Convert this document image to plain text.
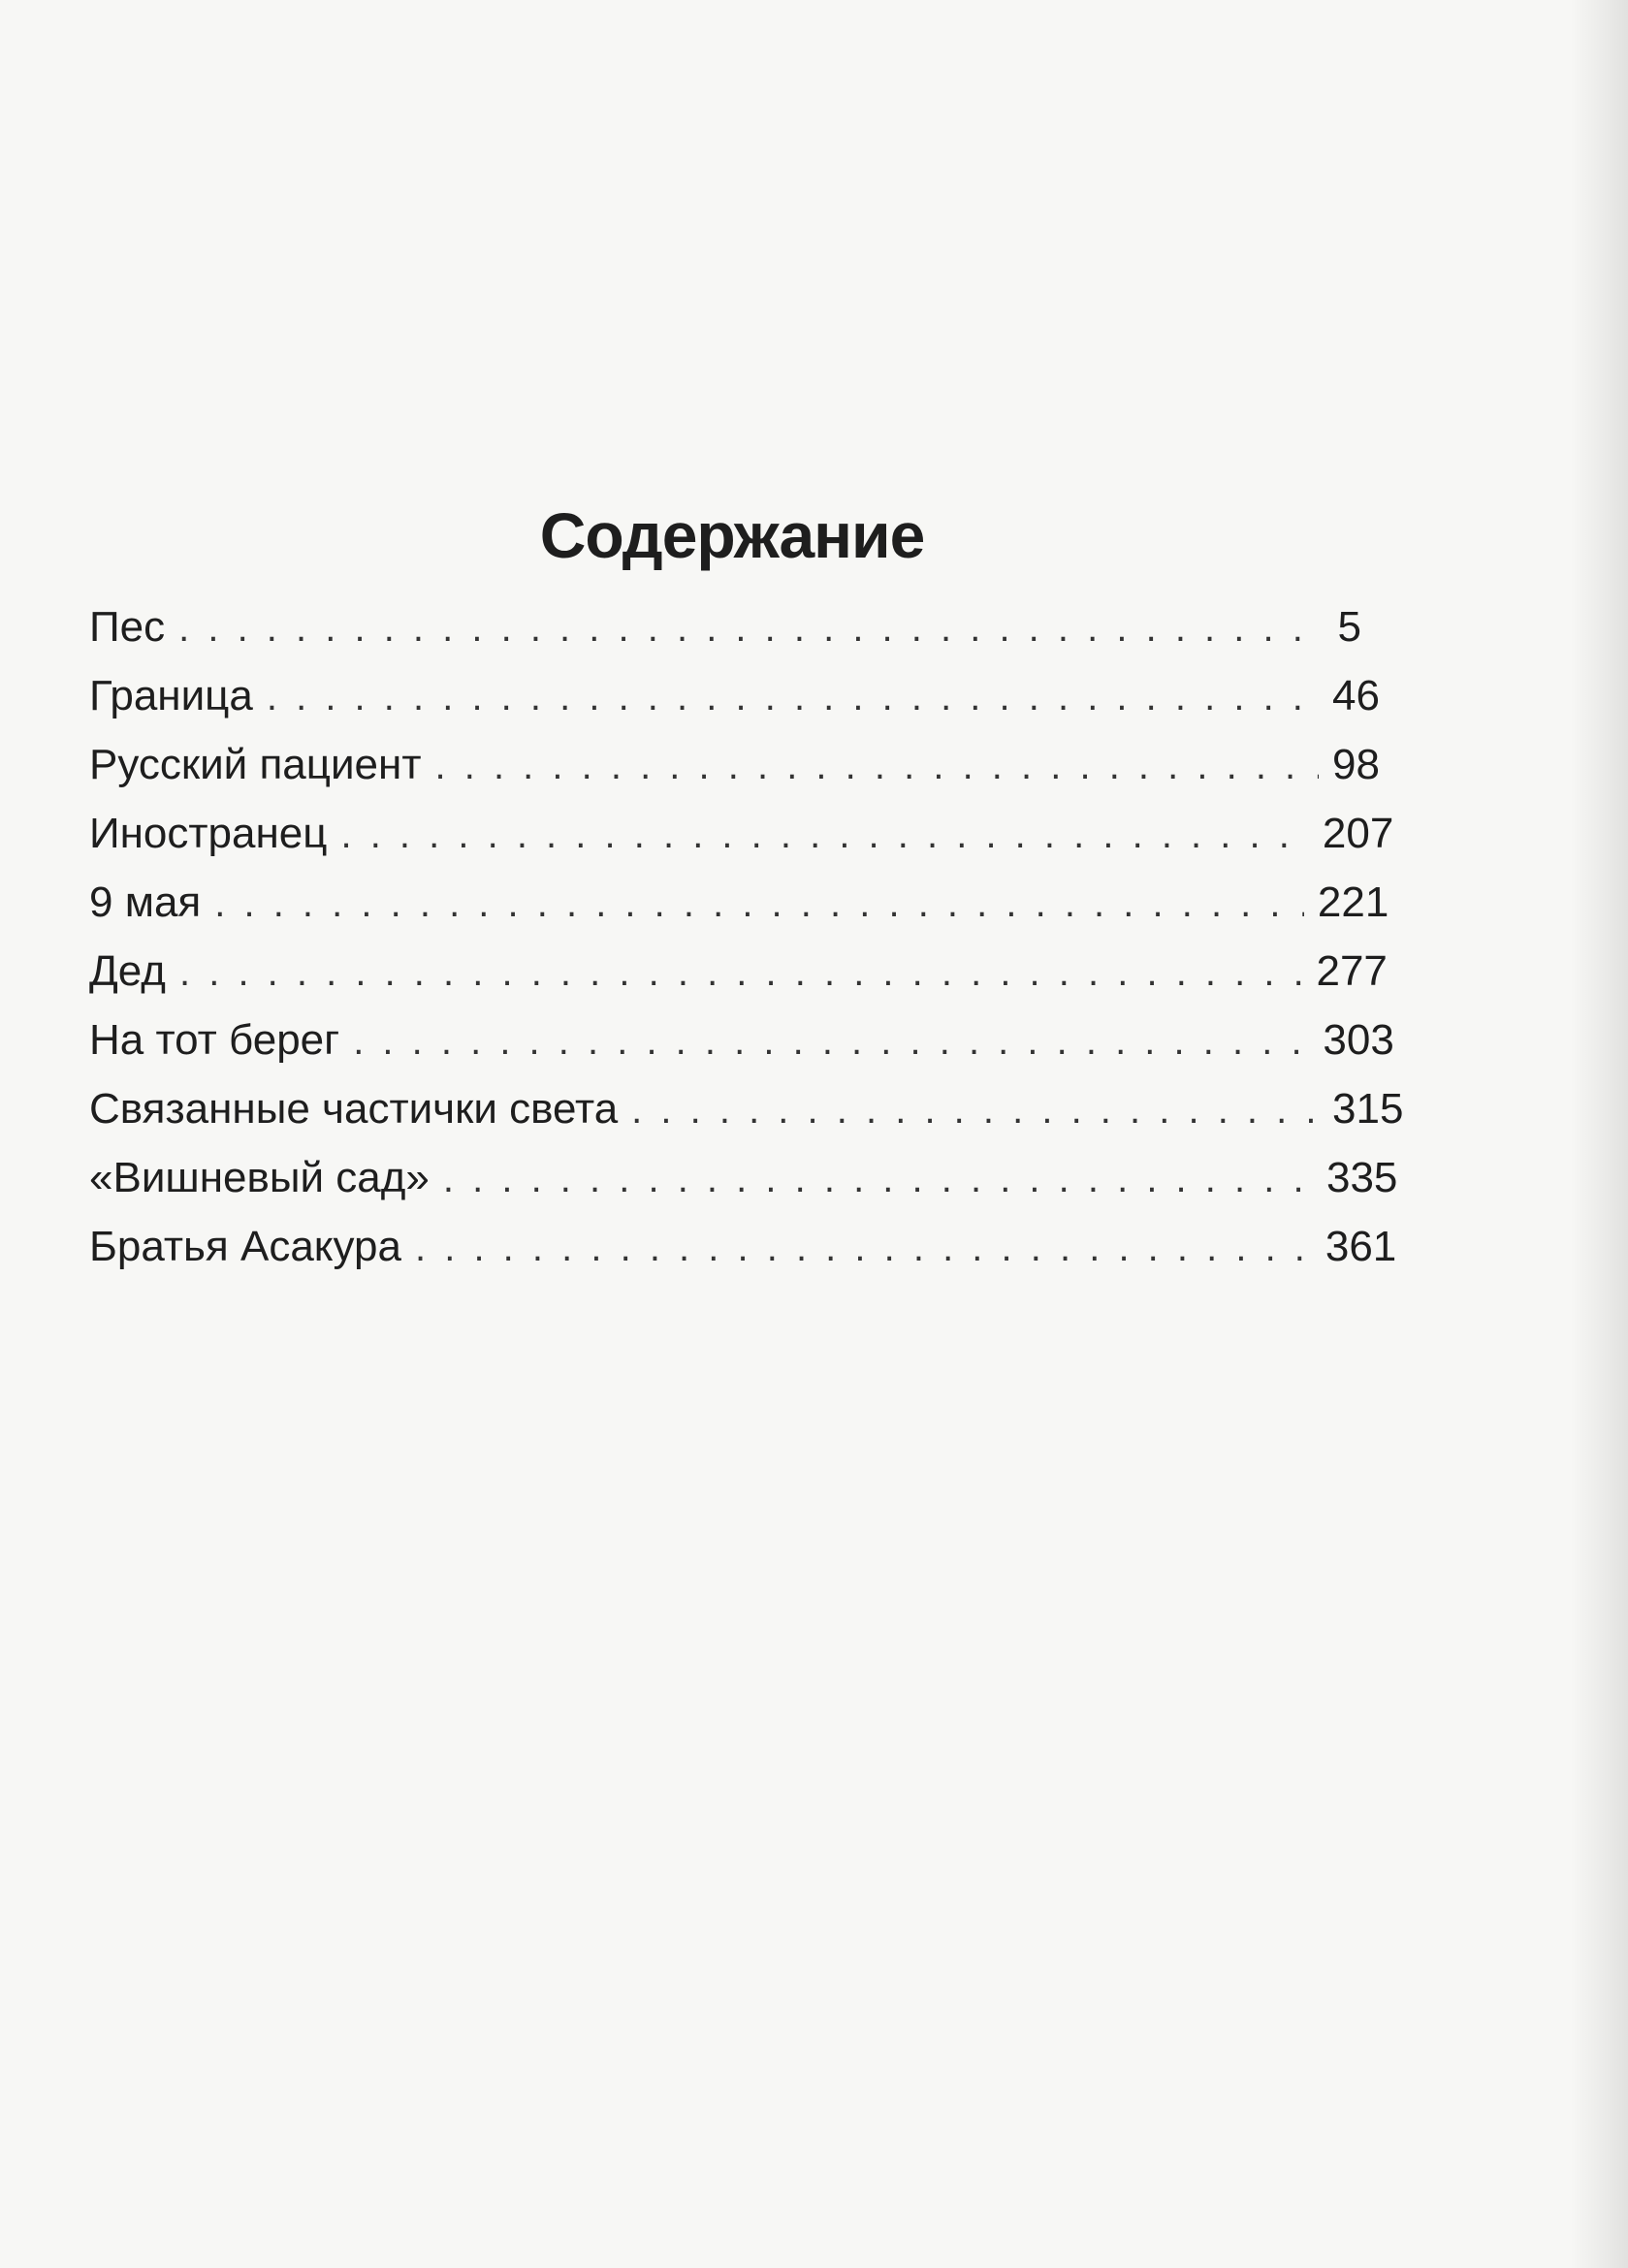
Содержание
Пес . . .	5
Граница . . .	46
Русский пациент . . .	98
Иностранец . . .	207
9 мая . . .	221
Дед . . .	277
На тот берег . . .	303
Связанные частички света . . .	315
«Вишневый сад» . . .	335
Братья Асакура . . .	361
